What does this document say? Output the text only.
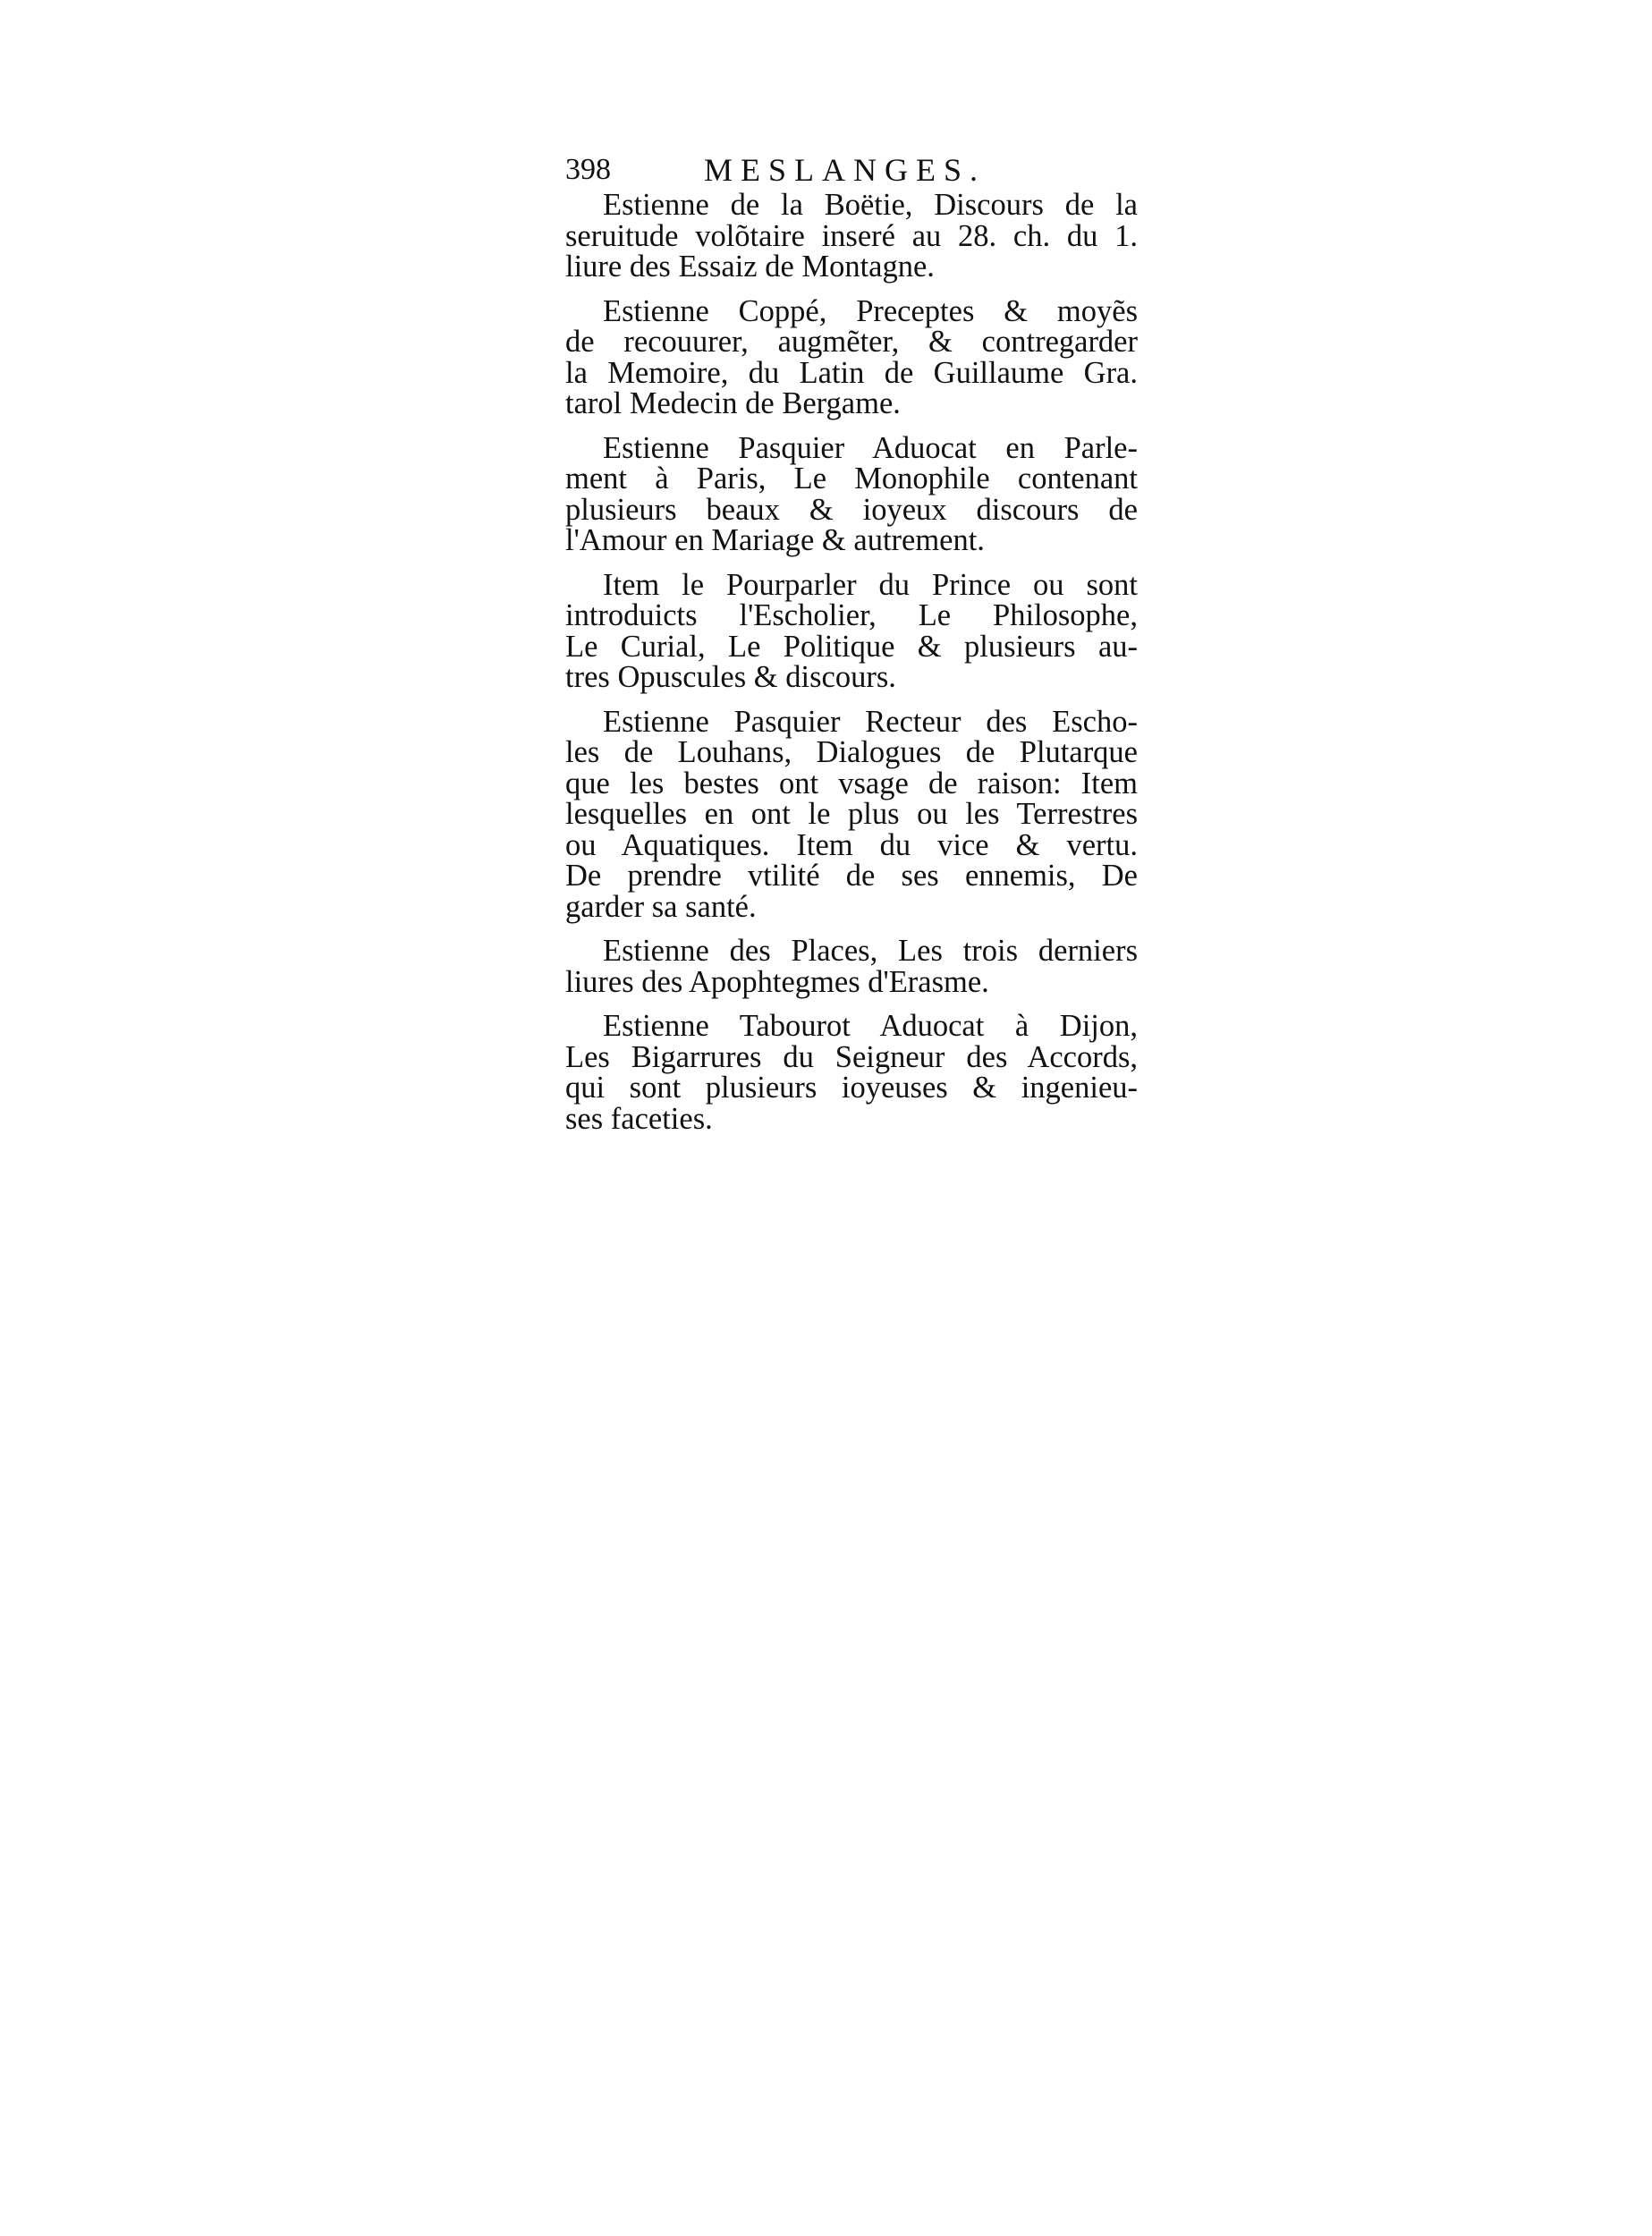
398	MESLANGES.
Estienne de la Boëtie, Discours de la
seruitude volõtaire inseré au 28. ch. du 1.
liure des Essaiz de Montagne.
Estienne Coppé, Preceptes & moyẽs
de recouurer, augmẽter, & contregarder
la Memoire, du Latin de Guillaume Gra.
tarol Medecin de Bergame.
Estienne Pasquier Aduocat en Parle-
ment à Paris, Le Monophile contenant
plusieurs beaux & ioyeux discours de
l'Amour en Mariage & autrement.
Item le Pourparler du Prince ou sont
introduicts l'Escholier, Le Philosophe,
Le Curial, Le Politique & plusieurs au-
tres Opuscules & discours.
Estienne Pasquier Recteur des Escho-
les de Louhans, Dialogues de Plutarque
que les bestes ont vsage de raison: Item
lesquelles en ont le plus ou les Terrestres
ou Aquatiques. Item du vice & vertu.
De prendre vtilité de ses ennemis, De
garder sa santé.
Estienne des Places, Les trois derniers
liures des Apophtegmes d'Erasme.
Estienne Tabourot Aduocat à Dijon,
Les Bigarrures du Seigneur des Accords,
qui sont plusieurs ioyeuses & ingenieu-
ses faceties.
